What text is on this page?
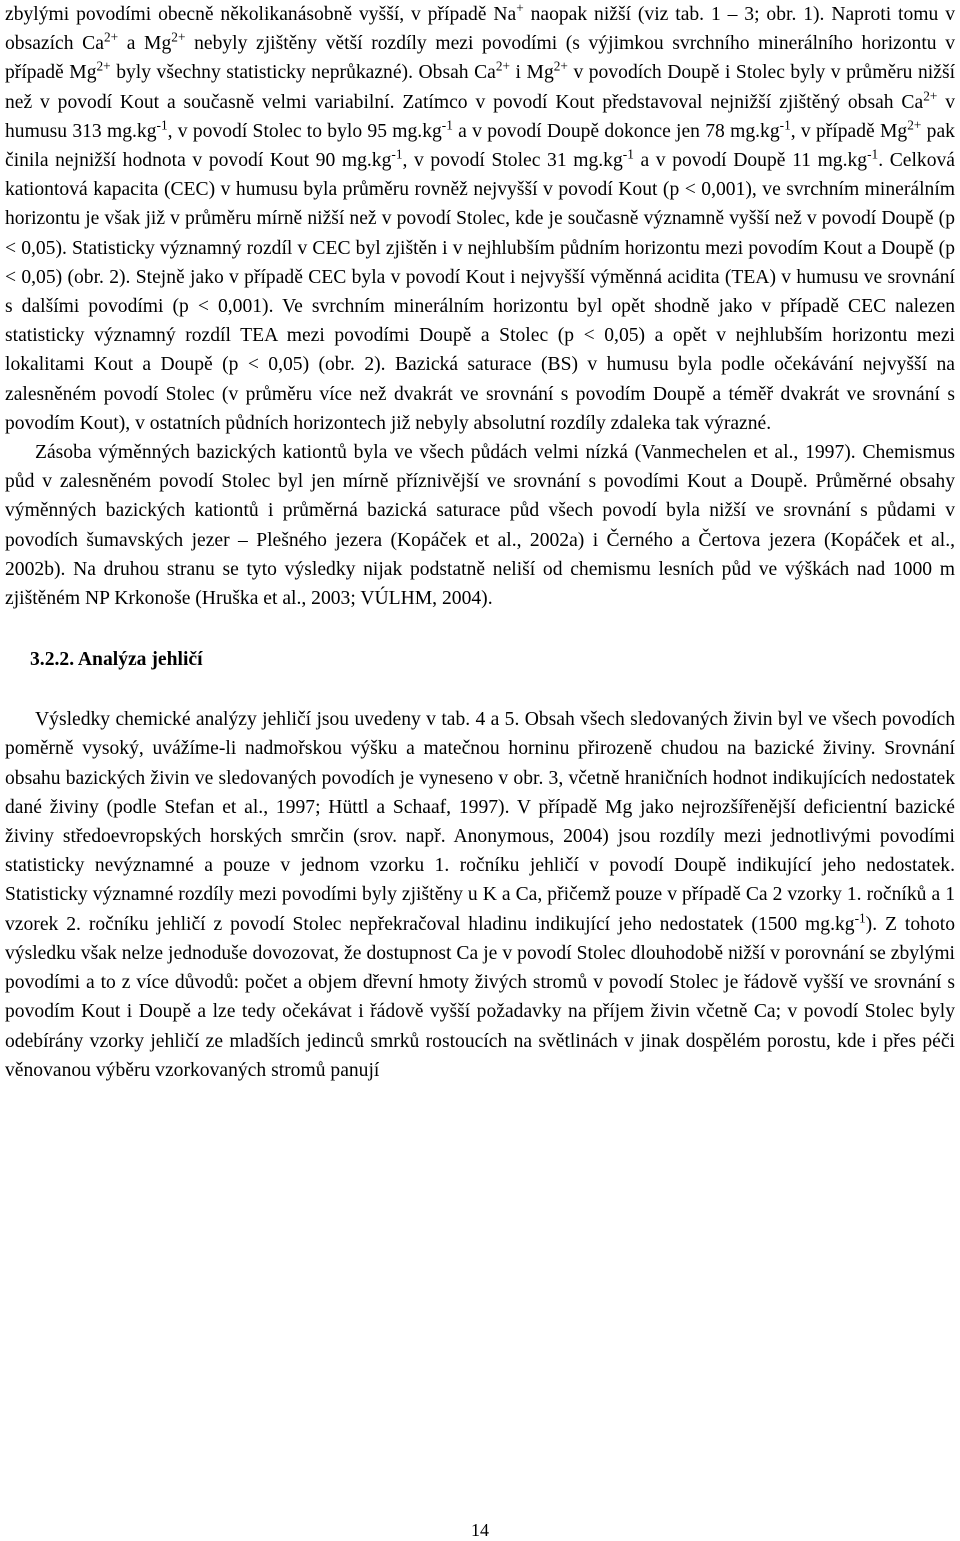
zbylými povodími obecně několikanásobně vyšší, v případě Na+ naopak nižší (viz tab. 1 – 3; obr. 1). Naproti tomu v obsazích $Ca^{2+}$ a $Mg^{2+}$ nebyly zjištěny větší rozdíly mezi povodími (s výjimkou svrchního minerálního horizontu v případě $Mg^{2+}$ byly všechny statisticky neprůkazné). Obsah $Ca^{2+}$ i $Mg^{2+}$ v povodích Doupě i Stolec byly v průměru nižší než v povodí Kout a současně velmi variabilní. Zatímco v povodí Kout představoval nejnižší zjištěný obsah $Ca^{2+}$ v humusu 313 $mg.kg^{-1}$, v povodí Stolec to bylo 95 $mg.kg^{-1}$ a v povodí Doupě dokonce jen 78 $mg.kg^{-1}$, v případě $Mg^{2+}$ pak činila nejnižší hodnota v povodí Kout 90 $mg.kg^{-1}$, v povodí Stolec 31 $mg.kg^{-1}$ a v povodí Doupě 11 $mg.kg^{-1}$. Celková kationtová kapacita (CEC) v humusu byla průměru rovněž nejvyšší v povodí Kout (p < 0,001), ve svrchním minerálním horizontu je však již v průměru mírně nižší než v povodí Stolec, kde je současně významně vyšší než v povodí Doupě (p < 0,05). Statisticky významný rozdíl v CEC byl zjištěn i v nejhlubším půdním horizontu mezi povodím Kout a Doupě (p < 0,05) (obr. 2). Stejně jako v případě CEC byla v povodí Kout i nejvyšší výměnná acidita (TEA) v humusu ve srovnání s dalšími povodími (p < 0,001). Ve svrchním minerálním horizontu byl opět shodně jako v případě CEC nalezen statisticky významný rozdíl TEA mezi povodími Doupě a Stolec (p < 0,05) a opět v nejhlubším horizontu mezi lokalitami Kout a Doupě (p < 0,05) (obr. 2). Bazická saturace (BS) v humusu byla podle očekávání nejvyšší na zalesněném povodí Stolec (v průměru více než dvakrát ve srovnání s povodím Doupě a téměř dvakrát ve srovnání s povodím Kout), v ostatních půdních horizontech již nebyly absolutní rozdíly zdaleka tak výrazné.

Zásoba výměnných bazických kationtů byla ve všech půdách velmi nízká (Vanmechelen et al., 1997). Chemismus půd v zalesněném povodí Stolec byl jen mírně příznivější ve srovnání s povodími Kout a Doupě. Průměrné obsahy výměnných bazických kationtů i průměrná bazická saturace půd všech povodí byla nižší ve srovnání s půdami v povodích šumavských jezer – Plešného jezera (Kopáček et al., 2002a) i Černého a Čertova jezera (Kopáček et al., 2002b). Na druhou stranu se tyto výsledky nijak podstatně neliší od chemismu lesních půd ve výškách nad 1000 m zjištěném NP Krkonoše (Hruška et al., 2003; VÚLHM, 2004).

3.2.2. Analýza jehličí

Výsledky chemické analýzy jehličí jsou uvedeny v tab. 4 a 5. Obsah všech sledovaných živin byl ve všech povodích poměrně vysoký, uvážíme-li nadmořskou výšku a matečnou horninu přirozeně chudou na bazické živiny. Srovnání obsahu bazických živin ve sledovaných povodích je vyneseno v obr. 3, včetně hraničních hodnot indikujících nedostatek dané živiny (podle Stefan et al., 1997; Hüttl a Schaaf, 1997). V případě Mg jako nejrozšířenější deficientní bazické živiny středoevropských horských smrčin (srov. např. Anonymous, 2004) jsou rozdíly mezi jednotlivými povodími statisticky nevýznamné a pouze v jednom vzorku 1. ročníku jehličí v povodí Doupě indikující jeho nedostatek. Statisticky významné rozdíly mezi povodími byly zjištěny u K a Ca, přičemž pouze v případě Ca 2 vzorky 1. ročníků a 1 vzorek 2. ročníku jehličí z povodí Stolec nepřekračoval hladinu indikující jeho nedostatek (1500 $mg.kg^{-1}$). Z tohoto výsledku však nelze jednoduše dovozovat, že dostupnost Ca je v povodí Stolec dlouhodobě nižší v porovnání se zbylými povodími a to z více důvodů: počet a objem dřevní hmoty živých stromů v povodí Stolec je řádově vyšší ve srovnání s povodím Kout i Doupě a lze tedy očekávat i řádově vyšší požadavky na příjem živin včetně Ca; v povodí Stolec byly odebírány vzorky jehličí ze mladších jedinců smrků rostoucích na světlinách v jinak dospělém porostu, kde i přes péči věnovanou výběru vzorkovaných stromů panují

14
